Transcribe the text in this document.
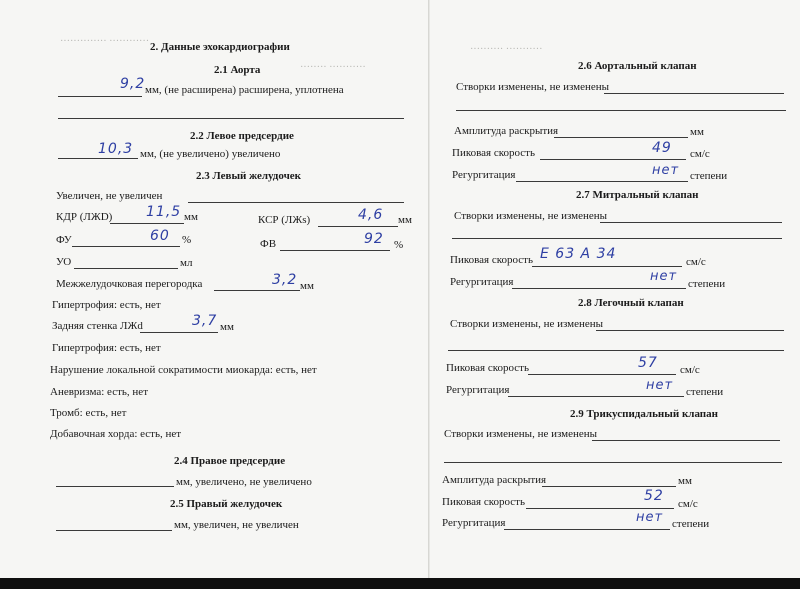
············ ··············
··········· ········
··········· ··········
2. Данные эхокардиографии
2.1 Аорта
9,2 мм, (не расширена) расширена, уплотнена
2.2 Левое предсердие
10,3 мм, (не увеличено) увеличено
2.3 Левый желудочек
Увеличен, не увеличен
КДР (ЛЖD) 11,5 мм	КСР (ЛЖs)	4,6 мм
ФУ	60 %	ФВ	92 %
УО	мл
Межжелудочковая перегородка	3,2 мм
Гипертрофия: есть, нет
Задняя стенка ЛЖd	3,7 мм
Гипертрофия: есть, нет
Нарушение локальной сократимости миокарда: есть, нет
Аневризма: есть, нет
Тромб: есть, нет
Добавочная хорда: есть, нет
2.4 Правое предсердие
мм, увеличено, не увеличено
2.5 Правый желудочек
мм, увеличен, не увеличен
2.6 Аортальный клапан
Створки изменены, не изменены
Амплитуда раскрытия	мм
Пиковая скорость	49 см/с
Регургитация	нет степени
2.7 Митральный клапан
Створки изменены, не изменены
Пиковая скорость Е 63 А 34	см/с
Регургитация	нет степени
2.8 Легочный клапан
Створки изменены, не изменены
Пиковая скорость	57 см/с
Регургитация	нет степени
2.9 Трикуспидальный клапан
Створки изменены, не изменены
Амплитуда раскрытия	мм
Пиковая скорость	52 см/с
Регургитация	нет степени
